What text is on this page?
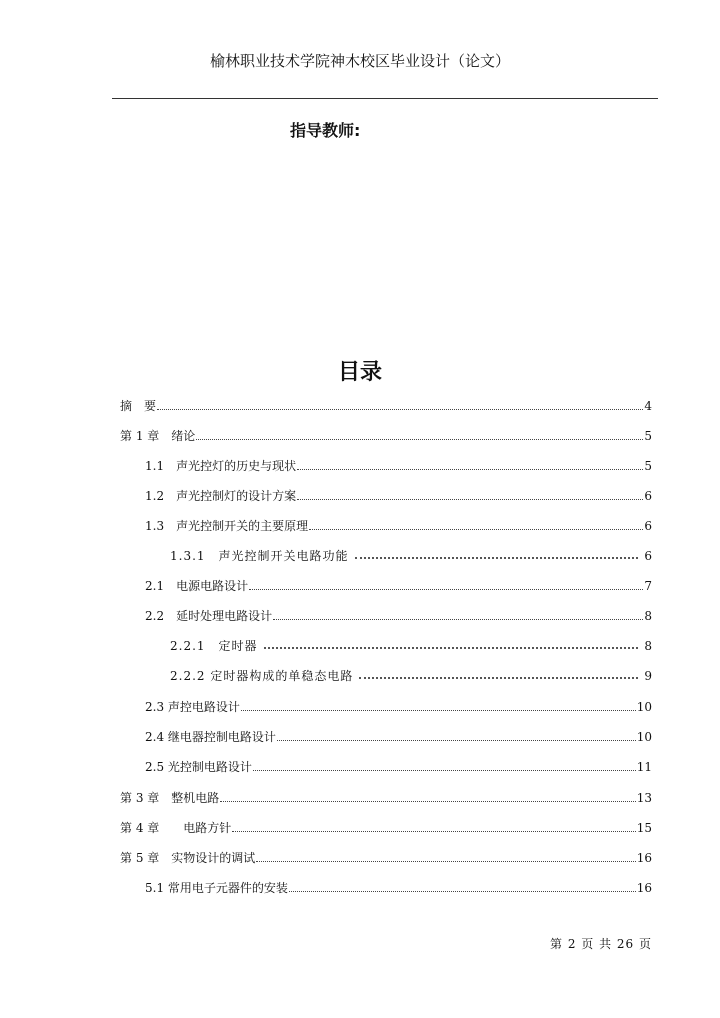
榆林职业技术学院神木校区毕业设计（论文）
指导教师:
目录
摘　要	4
第 1 章　绪论	5
1.1　声光控灯的历史与现状	5
1.2　声光控制灯的设计方案	6
1.3　声光控制开关的主要原理	6
1.3.1　声光控制开关电路功能	6
2.1　电源电路设计	7
2.2　延时处理电路设计	8
2.2.1　定时器	8
2.2.2 定时器构成的单稳态电路	9
2.3 声控电路设计	10
2.4 继电器控制电路设计	10
2.5 光控制电路设计	11
第 3 章　整机电路	13
第 4 章　　电路方针	15
第 5 章　实物设计的调试	16
5.1 常用电子元器件的安装	16
第 2 页 共 26 页
